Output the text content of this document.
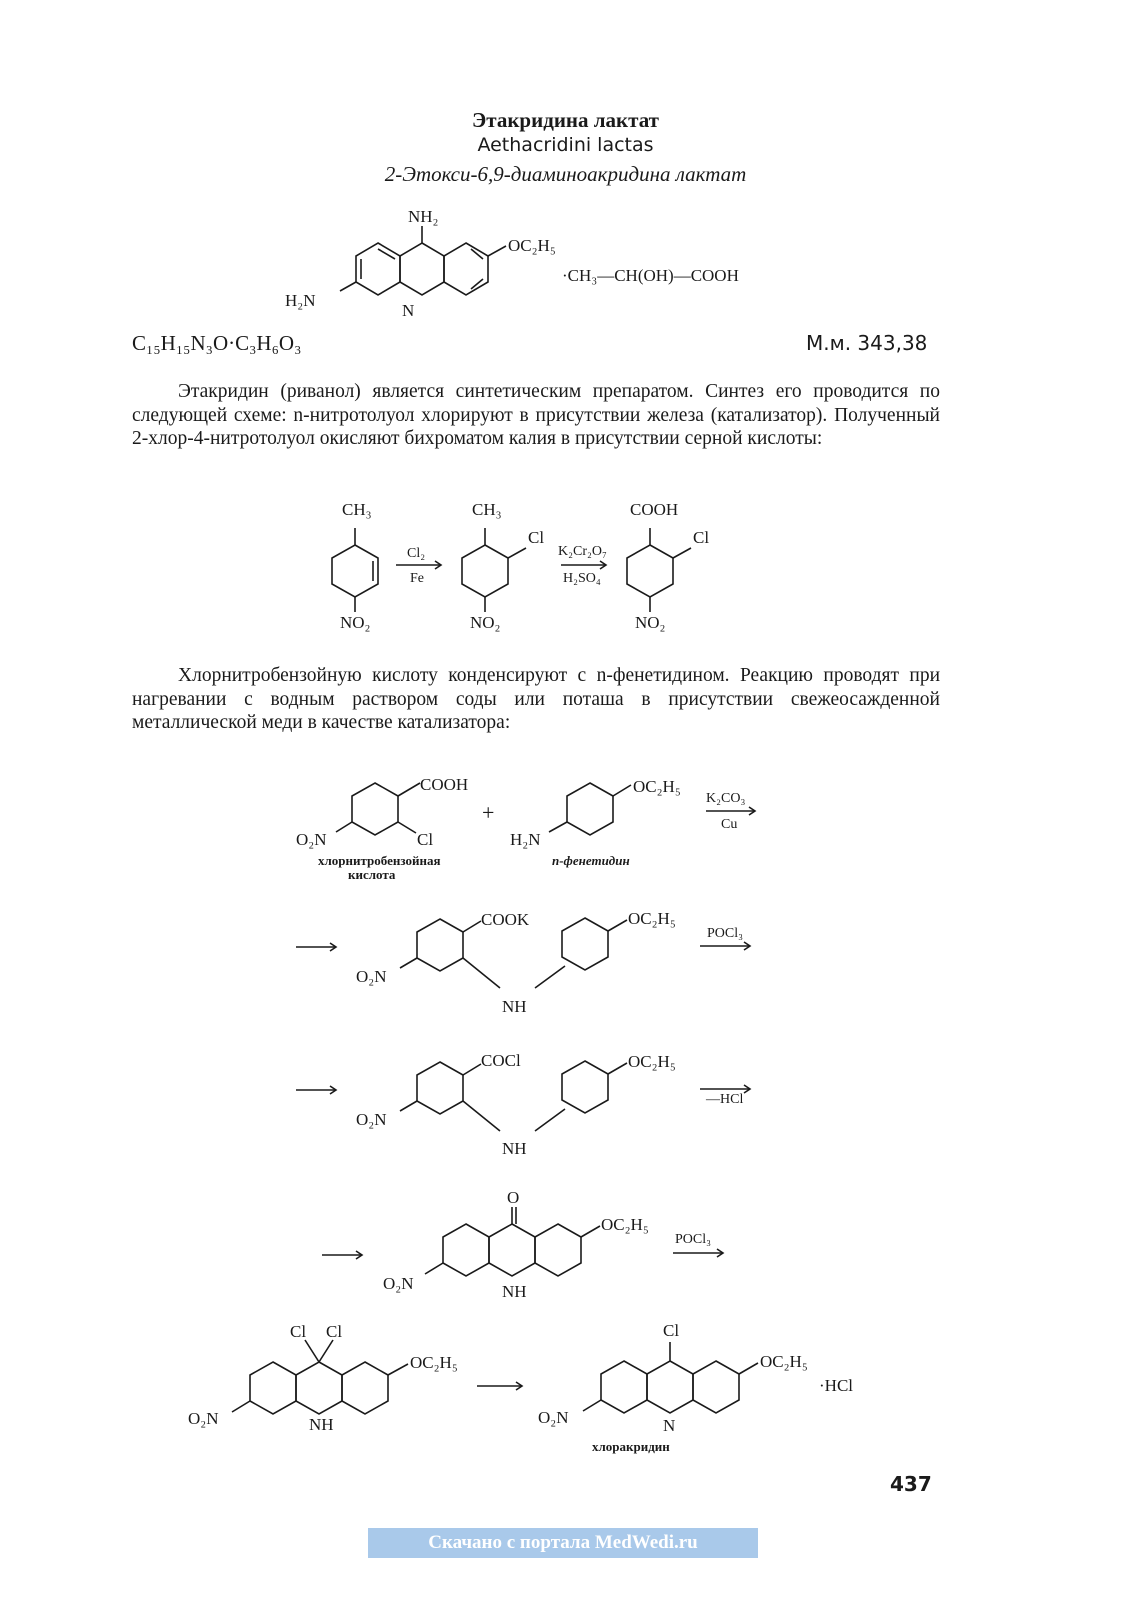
Этакридина лактат
Aethacridini lactas
2-Этокси-6,9-диаминоакридина лактат
NH₂
OC₂H₅
H₂N
N
·CH₃—CH(OH)—COOH
CH₃
NO₂
CH₃
Cl
NO₂
COOH
Cl
NO₂
Cl₂
Fe
K₂Cr₂O₇
H₂SO₄
COOH
Cl
O₂N
+
OC₂H₅
H₂N
K₂CO₃
Cu
хлорнитробензойная
кислота
n-фенетидин
COOK
O₂N
NH
OC₂H₅
POCl₃
COCl
O₂N
NH
OC₂H₅
—HCl
O
OC₂H₅
O₂N	NH
POCl₃
Cl Cl
OC₂H₅
O₂N	NH
Cl
OC₂H₅
O₂N	N
·HCl
хлоракридин
C₁₅H₁₅N₃O·C₃H₆O₃	М.м. 343,38
Этакридин (риванол) является синтетическим препаратом. Синтез его проводится по следующей схеме: n-нитротолуол хлорируют в присутствии железа (катализатор). Полученный 2-хлор-4-нитротолуол окисляют бихроматом калия в присутствии серной кислоты:
Хлорнитробензойную кислоту конденсируют с n-фенетидином. Реакцию проводят при нагревании с водным раствором соды или поташа в присутствии свежеосажденной металлической меди в качестве катализатора:
437
Скачано с портала MedWedi.ru
